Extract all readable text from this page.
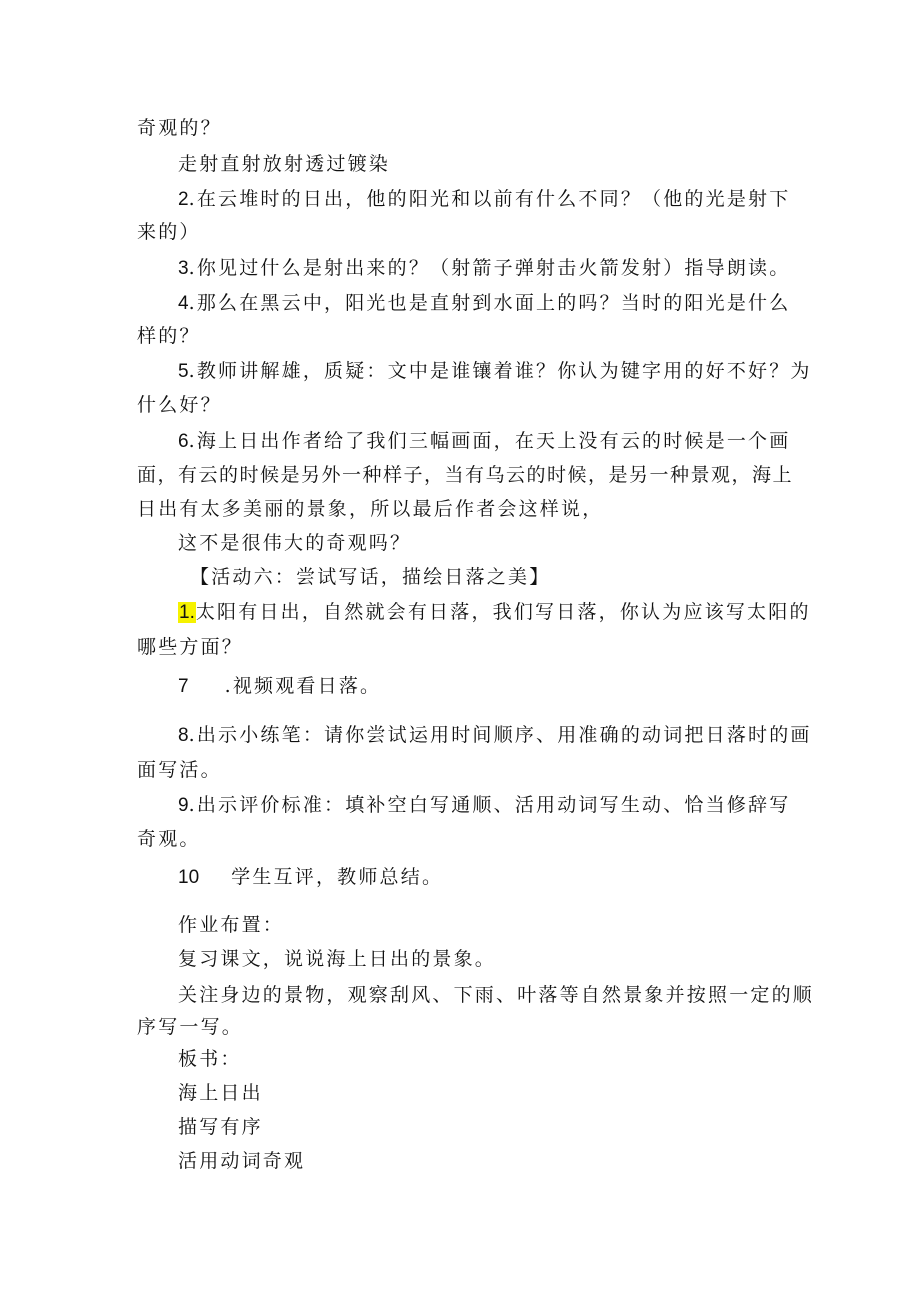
奇观的？
走射直射放射透过镀染
2.在云堆时的日出，他的阳光和以前有什么不同？（他的光是射下
来的）
3.你见过什么是射出来的？（射箭子弹射击火箭发射）指导朗读。
4.那么在黑云中，阳光也是直射到水面上的吗？当时的阳光是什么
样的？
5.教师讲解雄，质疑：文中是谁镶着谁？你认为键字用的好不好？为
什么好？
6.海上日出作者给了我们三幅画面，在天上没有云的时候是一个画
面，有云的时候是另外一种样子，当有乌云的时候，是另一种景观，海上
日出有太多美丽的景象，所以最后作者会这样说，
这不是很伟大的奇观吗？
【活动六：尝试写话，描绘日落之美】
1.太阳有日出，自然就会有日落，我们写日落，你认为应该写太阳的
哪些方面？
7 .视频观看日落。
8.出示小练笔：请你尝试运用时间顺序、用准确的动词把日落时的画
面写活。
9.出示评价标准：填补空白写通顺、活用动词写生动、恰当修辞写
奇观。
10 学生互评，教师总结。
作业布置：
复习课文，说说海上日出的景象。
关注身边的景物，观察刮风、下雨、叶落等自然景象并按照一定的顺
序写一写。
板书：
海上日出
描写有序
活用动词奇观
